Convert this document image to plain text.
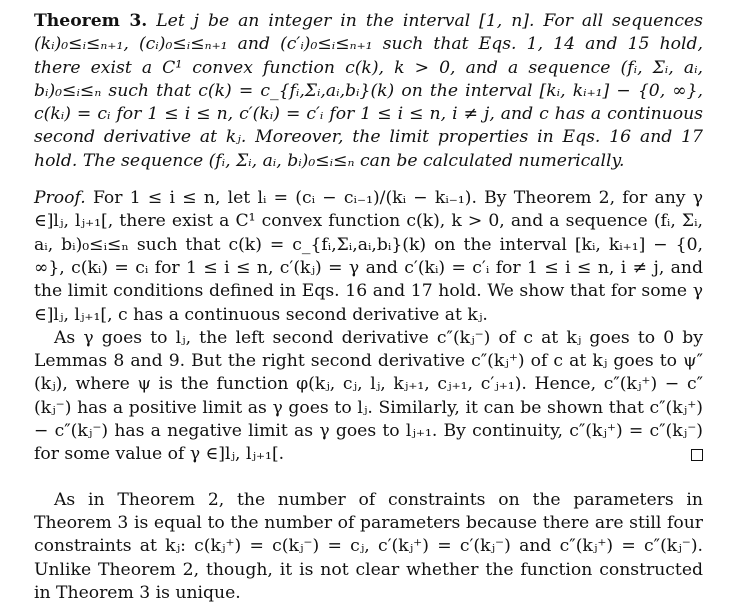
Theorem 3. Let j be an integer in the interval [1, n]. For all sequences (kᵢ)₀≤ᵢ≤ₙ₊₁, (cᵢ)₀≤ᵢ≤ₙ₊₁ and (c′ᵢ)₀≤ᵢ≤ₙ₊₁ such that Eqs. 1, 14 and 15 hold, there exist a C¹ convex function c(k), k > 0, and a sequence (fᵢ, Σᵢ, aᵢ, bᵢ)₀≤ᵢ≤ₙ such that c(k) = c_{fᵢ,Σᵢ,aᵢ,bᵢ}(k) on the interval [kᵢ, kᵢ₊₁] − {0, ∞}, c(kᵢ) = cᵢ for 1 ≤ i ≤ n, c′(kᵢ) = c′ᵢ for 1 ≤ i ≤ n, i ≠ j, and c has a continuous second derivative at kⱼ. Moreover, the limit properties in Eqs. 16 and 17 hold. The sequence (fᵢ, Σᵢ, aᵢ, bᵢ)₀≤ᵢ≤ₙ can be calculated numerically.

Proof. For 1 ≤ i ≤ n, let lᵢ = (cᵢ − cᵢ₋₁)/(kᵢ − kᵢ₋₁). By Theorem 2, for any γ ∈]lⱼ, lⱼ₊₁[, there exist a C¹ convex function c(k), k > 0, and a sequence (fᵢ, Σᵢ, aᵢ, bᵢ)₀≤ᵢ≤ₙ such that c(k) = c_{fᵢ,Σᵢ,aᵢ,bᵢ}(k) on the interval [kᵢ, kᵢ₊₁] − {0, ∞}, c(kᵢ) = cᵢ for 1 ≤ i ≤ n, c′(kⱼ) = γ and c′(kᵢ) = c′ᵢ for 1 ≤ i ≤ n, i ≠ j, and the limit conditions defined in Eqs. 16 and 17 hold. We show that for some γ ∈]lⱼ, lⱼ₊₁[, c has a continuous second derivative at kⱼ.

As γ goes to lⱼ, the left second derivative c″(kⱼ⁻) of c at kⱼ goes to 0 by Lemmas 8 and 9. But the right second derivative c″(kⱼ⁺) of c at kⱼ goes to ψ″(kⱼ), where ψ is the function φ(kⱼ, cⱼ, lⱼ, kⱼ₊₁, cⱼ₊₁, c′ⱼ₊₁). Hence, c″(kⱼ⁺) − c″(kⱼ⁻) has a positive limit as γ goes to lⱼ. Similarly, it can be shown that c″(kⱼ⁺) − c″(kⱼ⁻) has a negative limit as γ goes to lⱼ₊₁. By continuity, c″(kⱼ⁺) = c″(kⱼ⁻) for some value of γ ∈]lⱼ, lⱼ₊₁[.

As in Theorem 2, the number of constraints on the parameters in Theorem 3 is equal to the number of parameters because there are still four constraints at kⱼ: c(kⱼ⁺) = c(kⱼ⁻) = cⱼ, c′(kⱼ⁺) = c′(kⱼ⁻) and c″(kⱼ⁺) = c″(kⱼ⁻). Unlike Theorem 2, though, it is not clear whether the function constructed in Theorem 3 is unique.
